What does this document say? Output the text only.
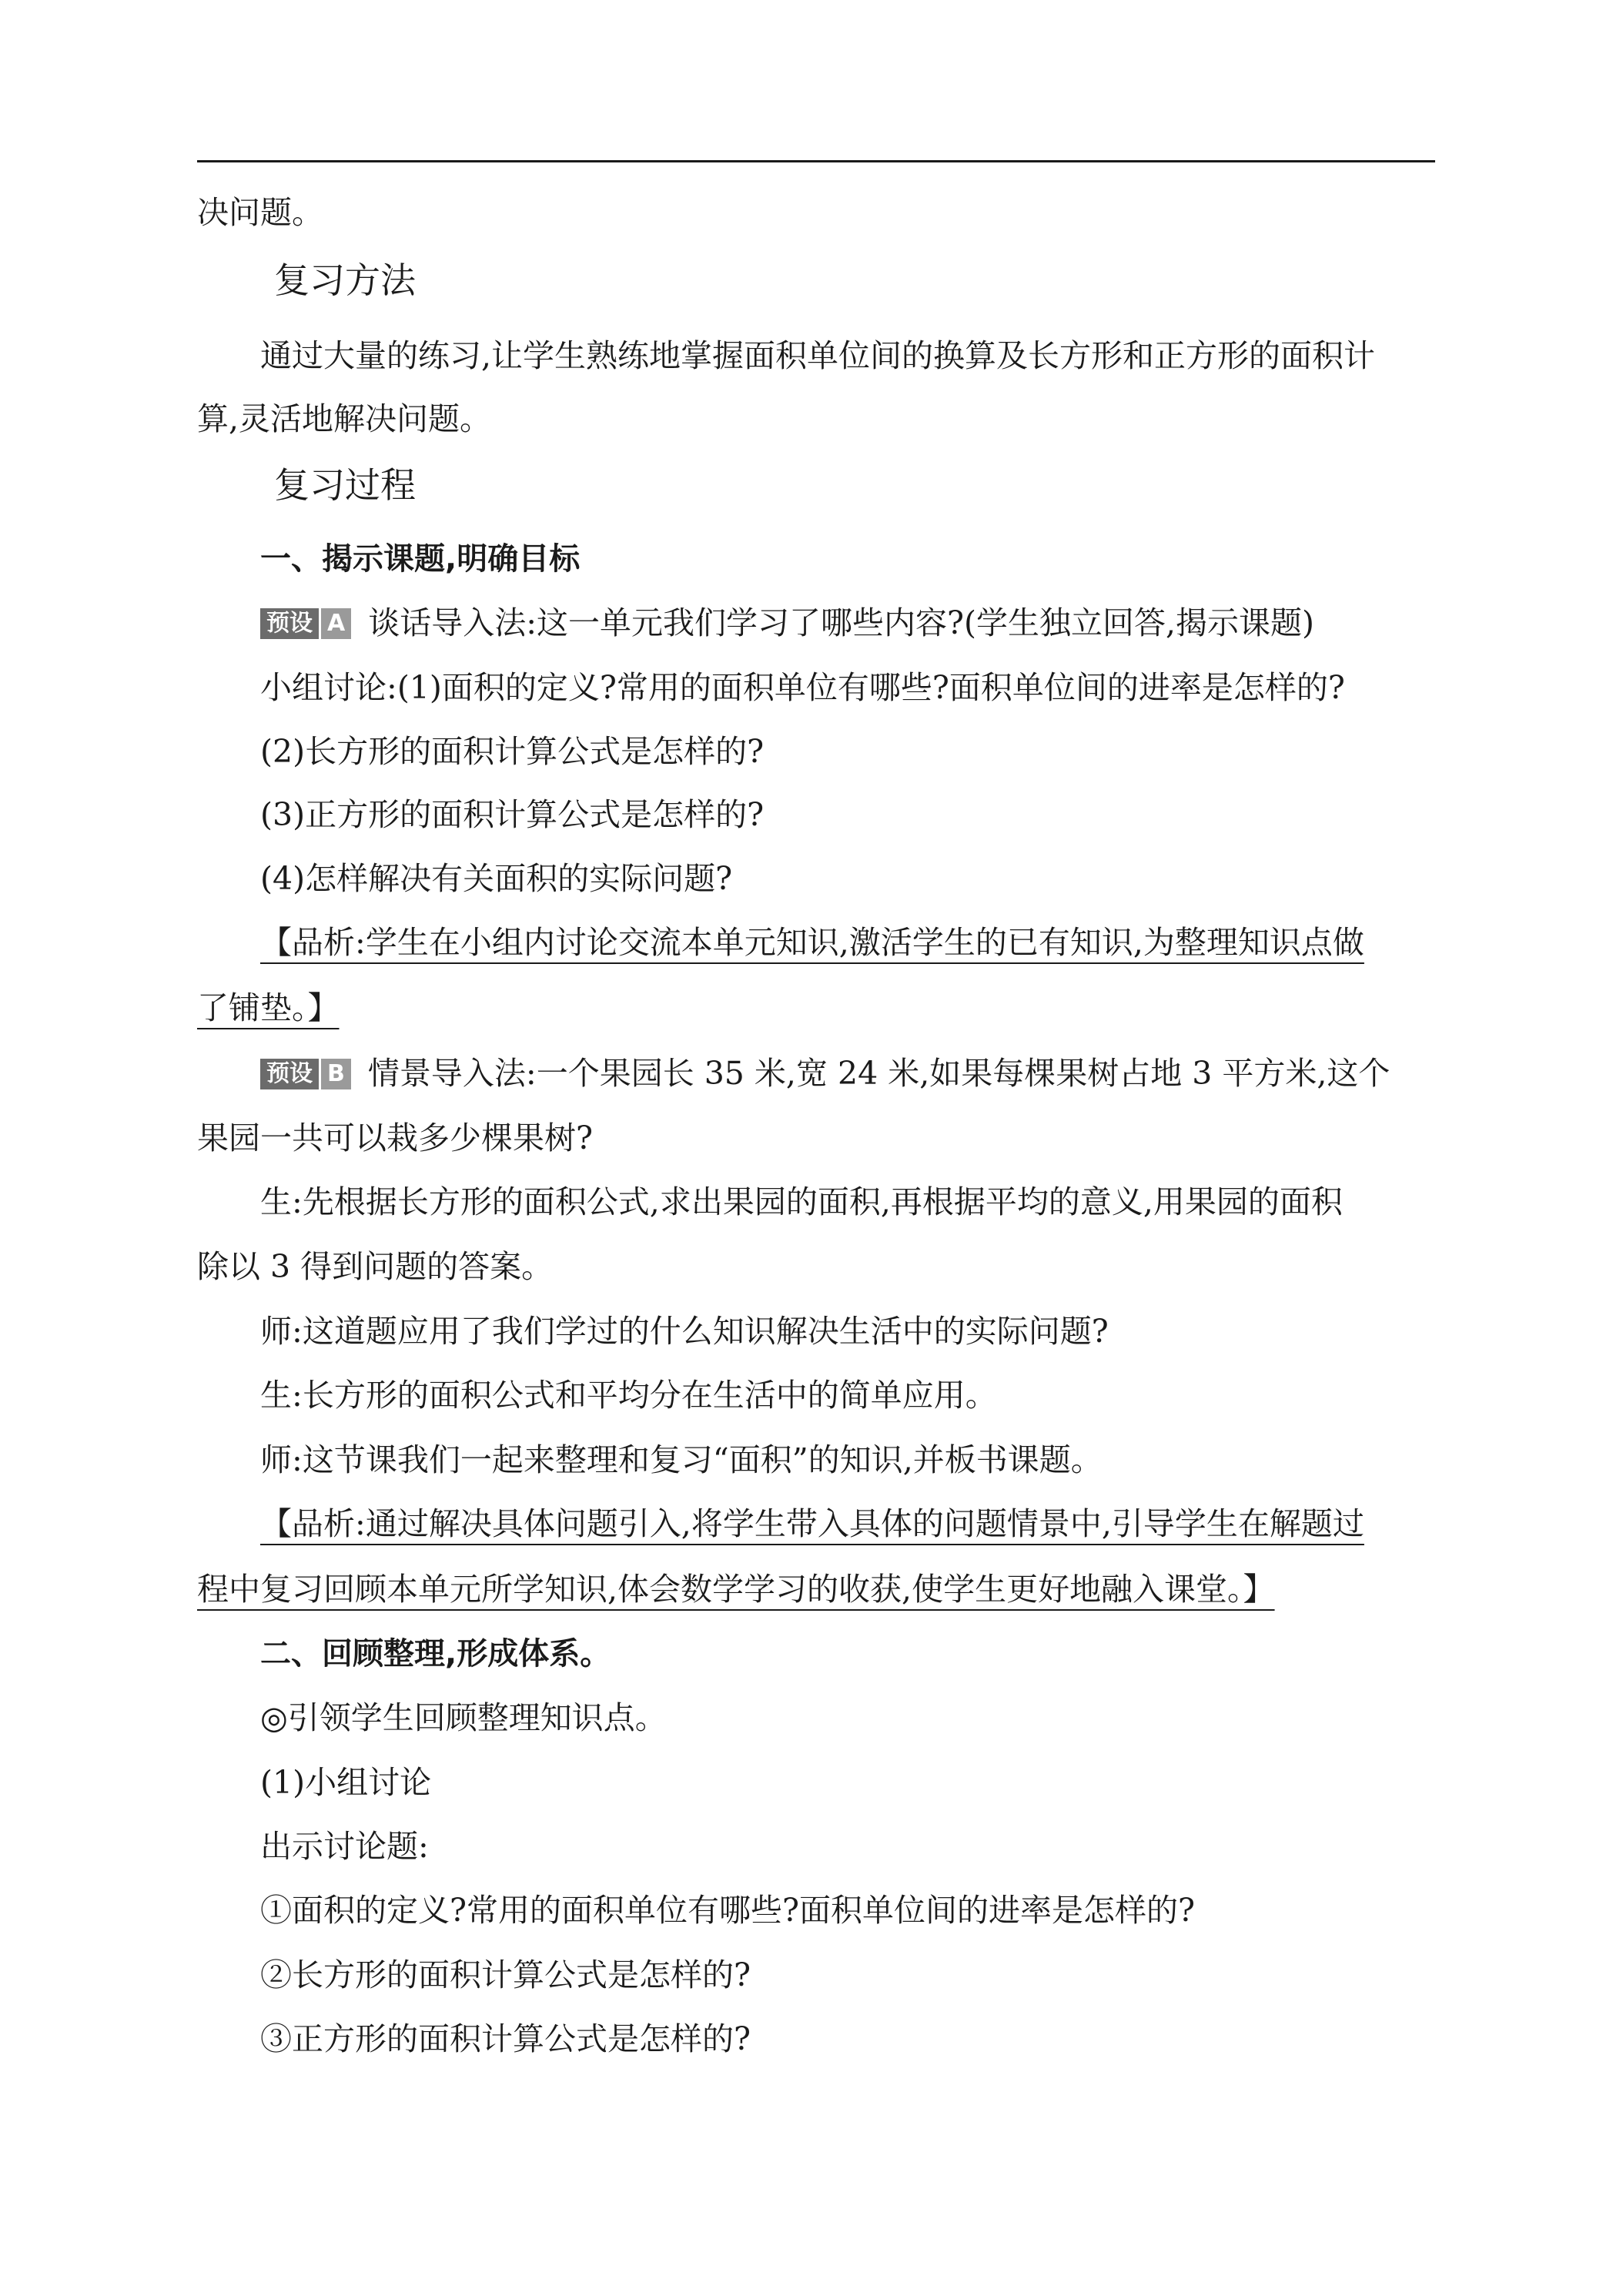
决问题。
复习方法
通过大量的练习,让学生熟练地掌握面积单位间的换算及长方形和正方形的面积计
算,灵活地解决问题。
复习过程
一、揭示课题,明确目标
预设 A 谈话导入法:这一单元我们学习了哪些内容?(学生独立回答,揭示课题)
小组讨论:(1)面积的定义?常用的面积单位有哪些?面积单位间的进率是怎样的?
(2)长方形的面积计算公式是怎样的?
(3)正方形的面积计算公式是怎样的?
(4)怎样解决有关面积的实际问题?
【品析:学生在小组内讨论交流本单元知识,激活学生的已有知识,为整理知识点做
了铺垫。】
预设 B 情景导入法:一个果园长 35 米,宽 24 米,如果每棵果树占地 3 平方米,这个
果园一共可以栽多少棵果树?
生:先根据长方形的面积公式,求出果园的面积,再根据平均的意义,用果园的面积
除以 3 得到问题的答案。
师:这道题应用了我们学过的什么知识解决生活中的实际问题?
生:长方形的面积公式和平均分在生活中的简单应用。
师:这节课我们一起来整理和复习“面积”的知识,并板书课题。
【品析:通过解决具体问题引入,将学生带入具体的问题情景中,引导学生在解题过
程中复习回顾本单元所学知识,体会数学学习的收获,使学生更好地融入课堂。】
二、回顾整理,形成体系。
◎引领学生回顾整理知识点。
(1)小组讨论
出示讨论题:
①面积的定义?常用的面积单位有哪些?面积单位间的进率是怎样的?
②长方形的面积计算公式是怎样的?
③正方形的面积计算公式是怎样的?
